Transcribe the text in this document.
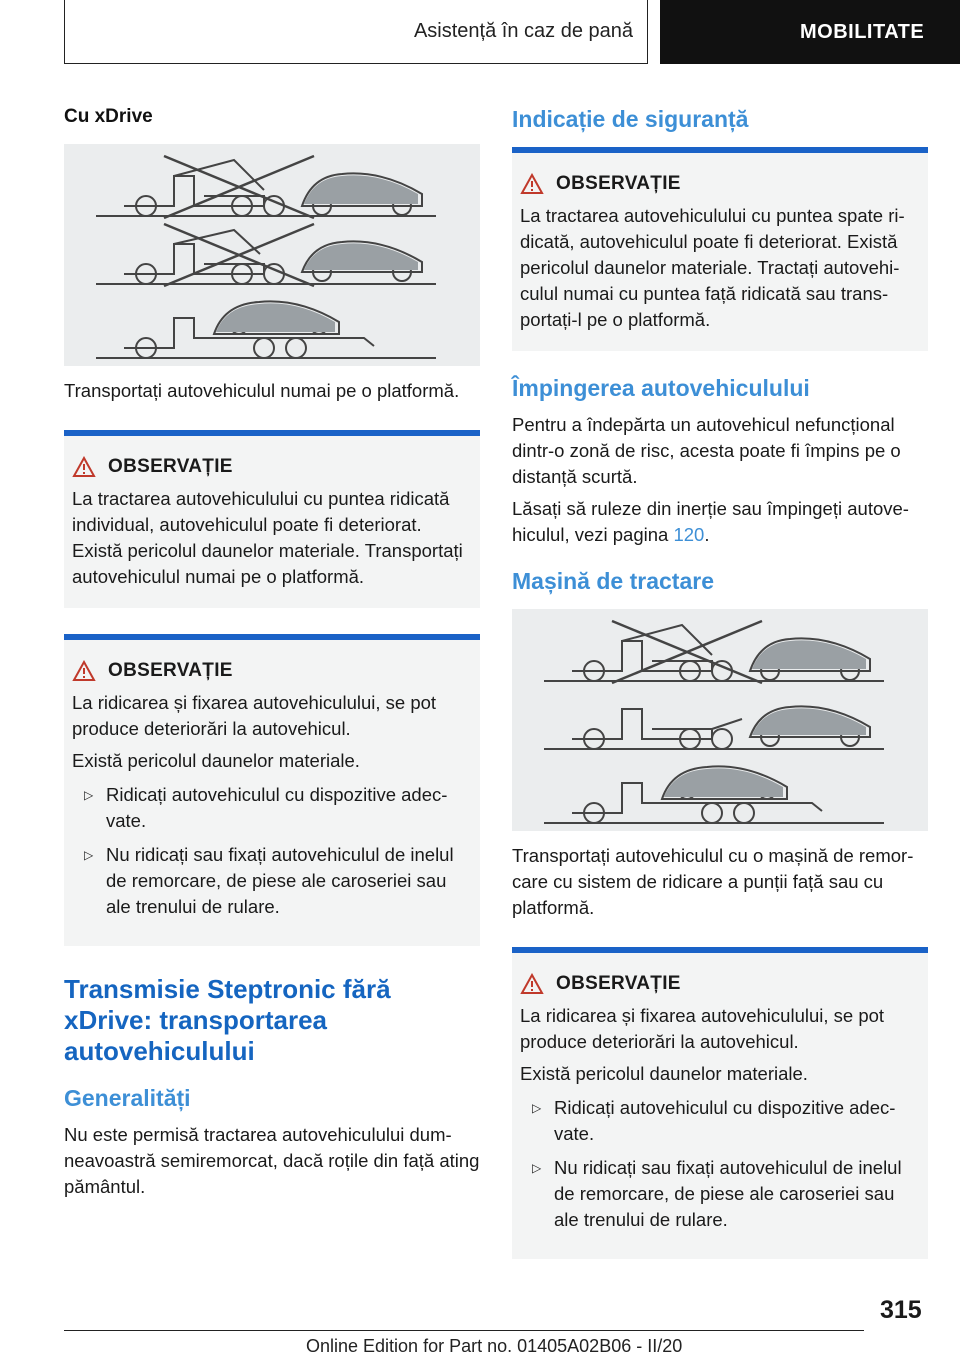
Asistență în caz de pană	MOBILITATE
Cu xDrive

Transportați autovehiculul numai pe o platformă.

OBSERVAȚIE

La tractarea autovehiculului cu puntea ridicată individual, autovehiculul poate fi deteriorat. Există pericolul daunelor materiale. Transportați autovehiculul numai pe o platformă.

OBSERVAȚIE

La ridicarea și fixarea autovehiculului, se pot produce deteriorări la autovehicul.

Există pericolul daunelor materiale.

▷ Ridicați autovehiculul cu dispozitive adecvate.
▷ Nu ridicați sau fixați autovehiculul de inelul de remorcare, de piese ale caroseriei sau ale trenului de rulare.
Transmisie Steptronic fără xDrive: transportarea autovehiculului
Generalități

Nu este permisă tractarea autovehiculului dumneavoastră semiremorcat, dacă roțile din față ating pământul.

Indicație de siguranță
OBSERVAȚIE

La tractarea autovehiculului cu puntea spate ridicată, autovehiculul poate fi deteriorat. Există pericolul daunelor materiale. Tractați autovehiculul numai cu puntea față ridicată sau transportați-l pe o platformă.

Împingerea autovehiculului

Pentru a îndepărta un autovehicul nefuncțional dintr-o zonă de risc, acesta poate fi împins pe o distanță scurtă.

Lăsați să ruleze din inerție sau împingeți autovehiculul, vezi pagina 120.

Mașină de tractare

Transportați autovehiculul cu o mașină de remorcare cu sistem de ridicare a punții față sau cu platformă.

OBSERVAȚIE

La ridicarea și fixarea autovehiculului, se pot produce deteriorări la autovehicul.

Există pericolul daunelor materiale.

▷ Ridicați autovehiculul cu dispozitive adecvate.
▷ Nu ridicați sau fixați autovehiculul de inelul de remorcare, de piese ale caroseriei sau ale trenului de rulare.
315
Online Edition for Part no. 01405A02B06 - II/20
